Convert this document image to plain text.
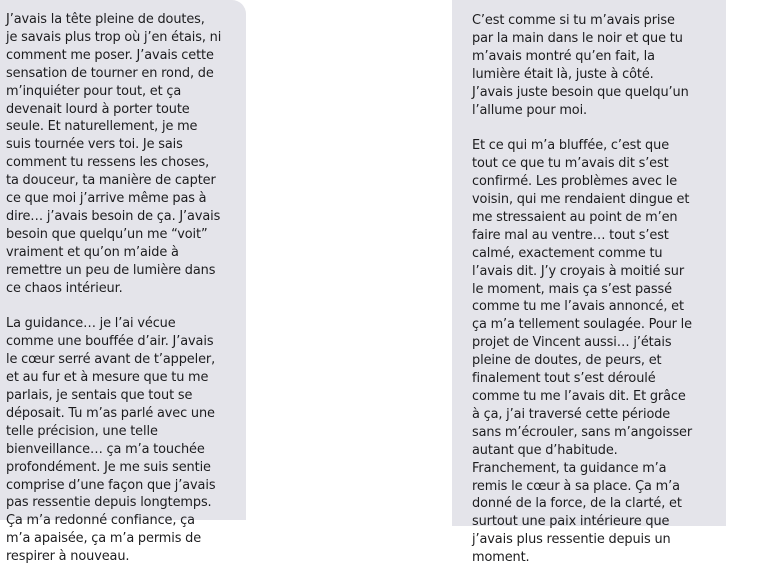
J’avais la tête pleine de doutes,
je savais plus trop où j’en étais, ni
comment me poser. J’avais cette
sensation de tourner en rond, de
m’inquiéter pour tout, et ça
devenait lourd à porter toute
seule. Et naturellement, je me
suis tournée vers toi. Je sais
comment tu ressens les choses,
ta douceur, ta manière de capter
ce que moi j’arrive même pas à
dire… j’avais besoin de ça. J’avais
besoin que quelqu’un me “voit”
vraiment et qu’on m’aide à
remettre un peu de lumière dans
ce chaos intérieur.

La guidance… je l’ai vécue
comme une bouffée d’air. J’avais
le cœur serré avant de t’appeler,
et au fur et à mesure que tu me
parlais, je sentais que tout se
déposait. Tu m’as parlé avec une
telle précision, une telle
bienveillance… ça m’a touchée
profondément. Je me suis sentie
comprise d’une façon que j’avais
pas ressentie depuis longtemps.
Ça m’a redonné confiance, ça
m’a apaisée, ça m’a permis de
respirer à nouveau.

C’est comme si tu m’avais prise
par la main dans le noir et que tu
m’avais montré qu’en fait, la
lumière était là, juste à côté.
J’avais juste besoin que quelqu’un
l’allume pour moi.

Et ce qui m’a bluffée, c’est que
tout ce que tu m’avais dit s’est
confirmé. Les problèmes avec le
voisin, qui me rendaient dingue et
me stressaient au point de m’en
faire mal au ventre… tout s’est
calmé, exactement comme tu
l’avais dit. J’y croyais à moitié sur
le moment, mais ça s’est passé
comme tu me l’avais annoncé, et
ça m’a tellement soulagée. Pour le
projet de Vincent aussi… j’étais
pleine de doutes, de peurs, et
finalement tout s’est déroulé
comme tu me l’avais dit. Et grâce
à ça, j’ai traversé cette période
sans m’écrouler, sans m’angoisser
autant que d’habitude.
Franchement, ta guidance m’a
remis le cœur à sa place. Ça m’a
donné de la force, de la clarté, et
surtout une paix intérieure que
j’avais plus ressentie depuis un
moment.
